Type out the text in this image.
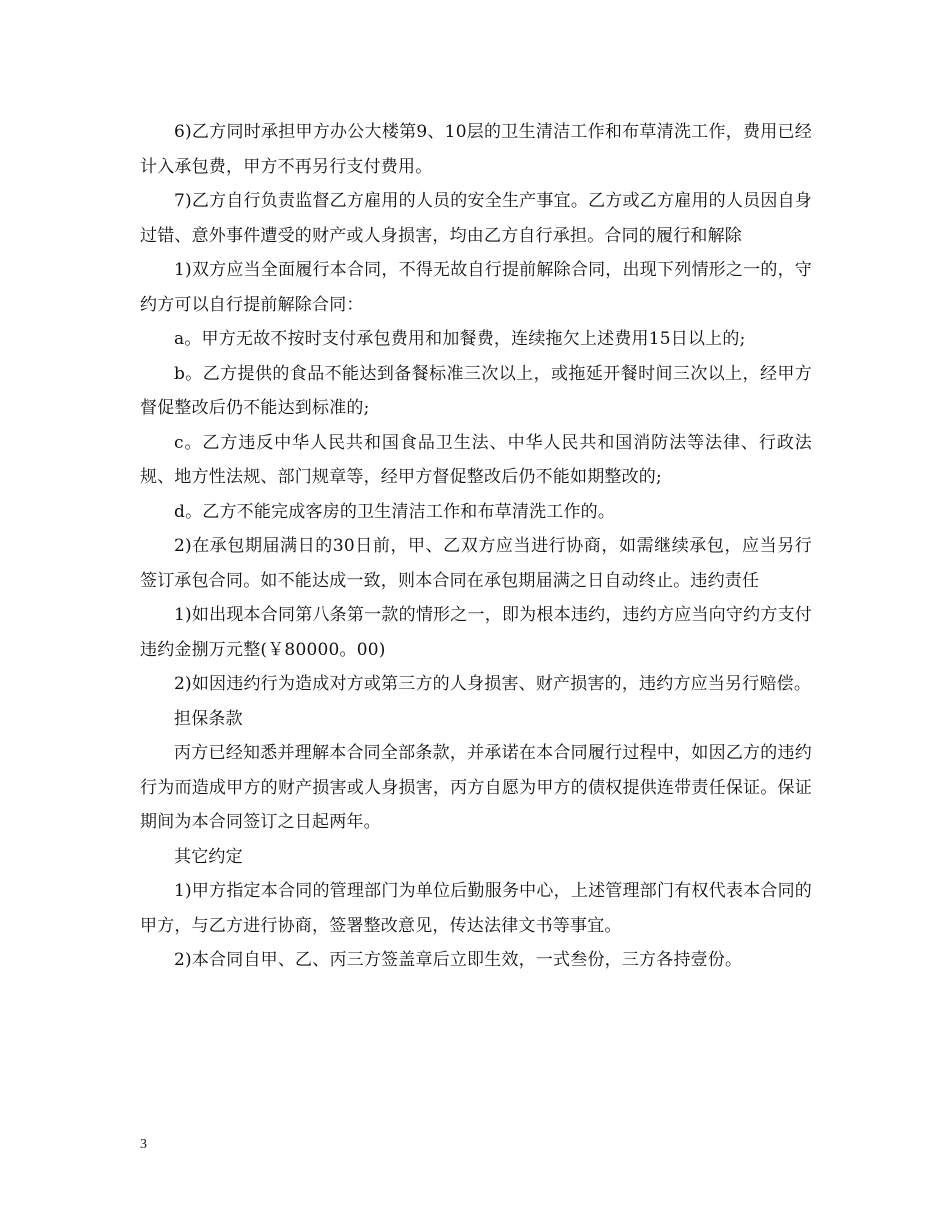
6)乙方同时承担甲方办公大楼第9、10层的卫生清洁工作和布草清洗工作，费用已经计入承包费，甲方不再另行支付费用。

7)乙方自行负责监督乙方雇用的人员的安全生产事宜。乙方或乙方雇用的人员因自身过错、意外事件遭受的财产或人身损害，均由乙方自行承担。合同的履行和解除

1)双方应当全面履行本合同，不得无故自行提前解除合同，出现下列情形之一的，守约方可以自行提前解除合同：

a。甲方无故不按时支付承包费用和加餐费，连续拖欠上述费用15日以上的;

b。乙方提供的食品不能达到备餐标准三次以上，或拖延开餐时间三次以上，经甲方督促整改后仍不能达到标准的;

c。乙方违反中华人民共和国食品卫生法、中华人民共和国消防法等法律、行政法规、地方性法规、部门规章等，经甲方督促整改后仍不能如期整改的;

d。乙方不能完成客房的卫生清洁工作和布草清洗工作的。

2)在承包期届满日的30日前，甲、乙双方应当进行协商，如需继续承包，应当另行签订承包合同。如不能达成一致，则本合同在承包期届满之日自动终止。违约责任

1)如出现本合同第八条第一款的情形之一，即为根本违约，违约方应当向守约方支付违约金捌万元整(￥80000。00)

2)如因违约行为造成对方或第三方的人身损害、财产损害的，违约方应当另行赔偿。

担保条款

丙方已经知悉并理解本合同全部条款，并承诺在本合同履行过程中，如因乙方的违约行为而造成甲方的财产损害或人身损害，丙方自愿为甲方的债权提供连带责任保证。保证期间为本合同签订之日起两年。

其它约定

1)甲方指定本合同的管理部门为单位后勤服务中心，上述管理部门有权代表本合同的甲方，与乙方进行协商，签署整改意见，传达法律文书等事宜。

2)本合同自甲、乙、丙三方签盖章后立即生效，一式叁份，三方各持壹份。

3
